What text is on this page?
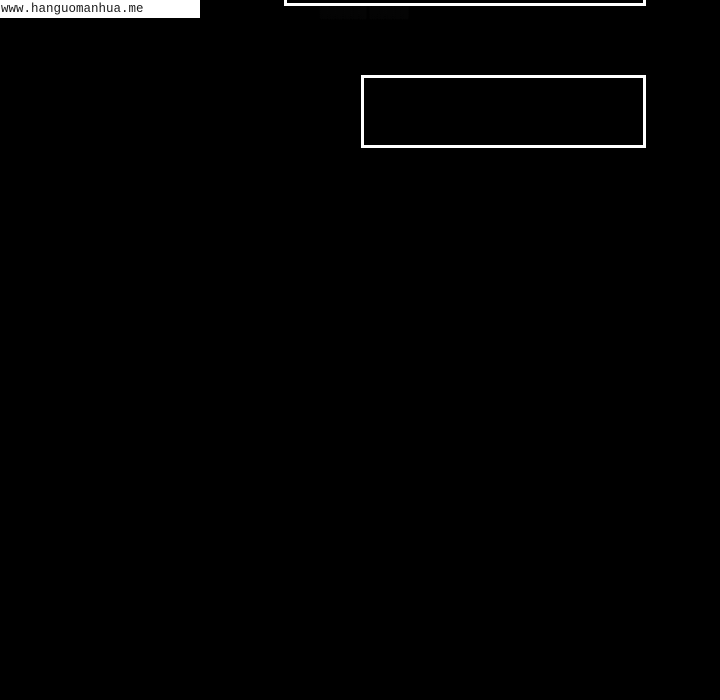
░░░░░░ ░░░░░
www.hanguomanhua.me
